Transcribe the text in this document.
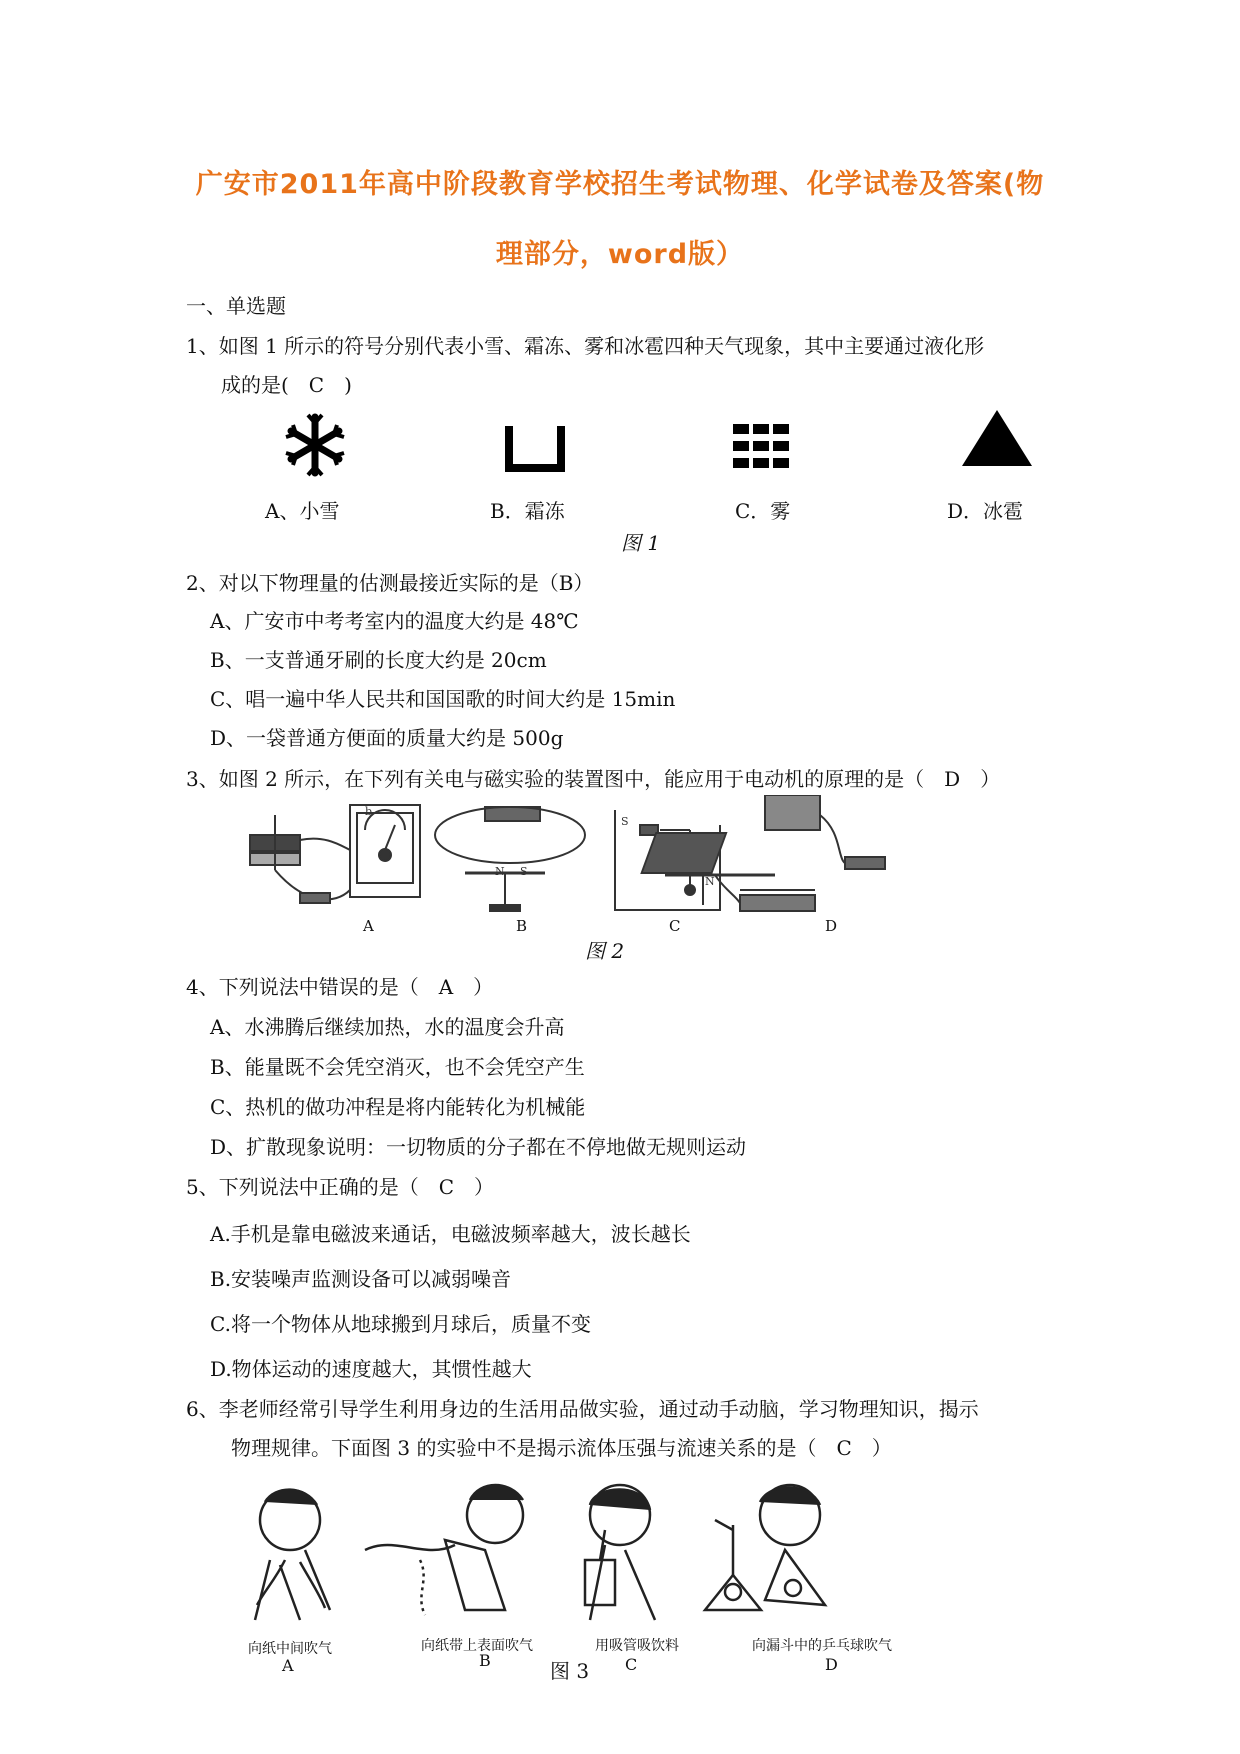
广安市2011年高中阶段教育学校招生考试物理、化学试卷及答案(物
理部分，word版）
一、单选题
1、如图 1 所示的符号分别代表小雪、霜冻、雾和冰雹四种天气现象，其中主要通过液化形
成的是(　C　)
A、小雪	B．霜冻	C．雾	D．冰雹
图 1
2、对以下物理量的估测最接近实际的是（B）
A、广安市中考考室内的温度大约是 48℃
B、一支普通牙刷的长度大约是 20cm
C、唱一遍中华人民共和国国歌的时间大约是 15min
D、一袋普通方便面的质量大约是 500g
3、如图 2 所示，在下列有关电与磁实验的装置图中，能应用于电动机的原理的是（　D　）
b
S
N
S
N
A	B	C	D
图 2
4、下列说法中错误的是（　A　）
A、水沸腾后继续加热，水的温度会升高
B、能量既不会凭空消灭，也不会凭空产生
C、热机的做功冲程是将内能转化为机械能
D、扩散现象说明：一切物质的分子都在不停地做无规则运动
5、下列说法中正确的是（　C　）
A.手机是靠电磁波来通话，电磁波频率越大，波长越长
B.安装噪声监测设备可以减弱噪音
C.将一个物体从地球搬到月球后，质量不变
D.物体运动的速度越大，其惯性越大
6、李老师经常引导学生利用身边的生活用品做实验，通过动手动脑，学习物理知识，揭示
物理规律。下面图 3 的实验中不是揭示流体压强与流速关系的是（　C　）
向纸中间吹气	向纸带上表面吹气	用吸管吸饮料	向漏斗中的乒乓球吹气
A	B	C	D
图 3
